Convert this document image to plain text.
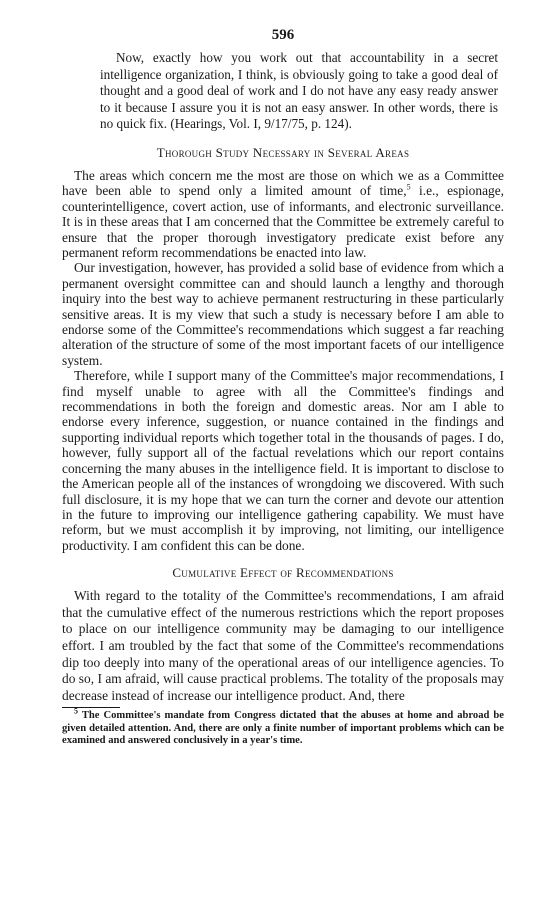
596

Now, exactly how you work out that accountability in a secret intelligence organization, I think, is obviously going to take a good deal of thought and a good deal of work and I do not have any easy ready answer to it because I assure you it is not an easy answer. In other words, there is no quick fix. (Hearings, Vol. I, 9/17/75, p. 124).

Thorough Study Necessary in Several Areas

The areas which concern me the most are those on which we as a Committee have been able to spend only a limited amount of time,$^5$ i.e., espionage, counterintelligence, covert action, use of informants, and electronic surveillance. It is in these areas that I am concerned that the Committee be extremely careful to ensure that the proper thorough investigatory predicate exist before any permanent reform recommendations be enacted into law.

Our investigation, however, has provided a solid base of evidence from which a permanent oversight committee can and should launch a lengthy and thorough inquiry into the best way to achieve permanent restructuring in these particularly sensitive areas. It is my view that such a study is necessary before I am able to endorse some of the Committee's recommendations which suggest a far reaching alteration of the structure of some of the most important facets of our intelligence system.

Therefore, while I support many of the Committee's major recommendations, I find myself unable to agree with all the Committee's findings and recommendations in both the foreign and domestic areas. Nor am I able to endorse every inference, suggestion, or nuance contained in the findings and supporting individual reports which together total in the thousands of pages. I do, however, fully support all of the factual revelations which our report contains concerning the many abuses in the intelligence field. It is important to disclose to the American people all of the instances of wrongdoing we discovered. With such full disclosure, it is my hope that we can turn the corner and devote our attention in the future to improving our intelligence gathering capability. We must have reform, but we must accomplish it by improving, not limiting, our intelligence productivity. I am confident this can be done.

Cumulative Effect of Recommendations

With regard to the totality of the Committee's recommendations, I am afraid that the cumulative effect of the numerous restrictions which the report proposes to place on our intelligence community may be damaging to our intelligence effort. I am troubled by the fact that some of the Committee's recommendations dip too deeply into many of the operational areas of our intelligence agencies. To do so, I am afraid, will cause practical problems. The totality of the proposals may decrease instead of increase our intelligence product. And, there

$^5$ The Committee's mandate from Congress dictated that the abuses at home and abroad be given detailed attention. And, there are only a finite number of important problems which can be examined and answered conclusively in a year's time.
